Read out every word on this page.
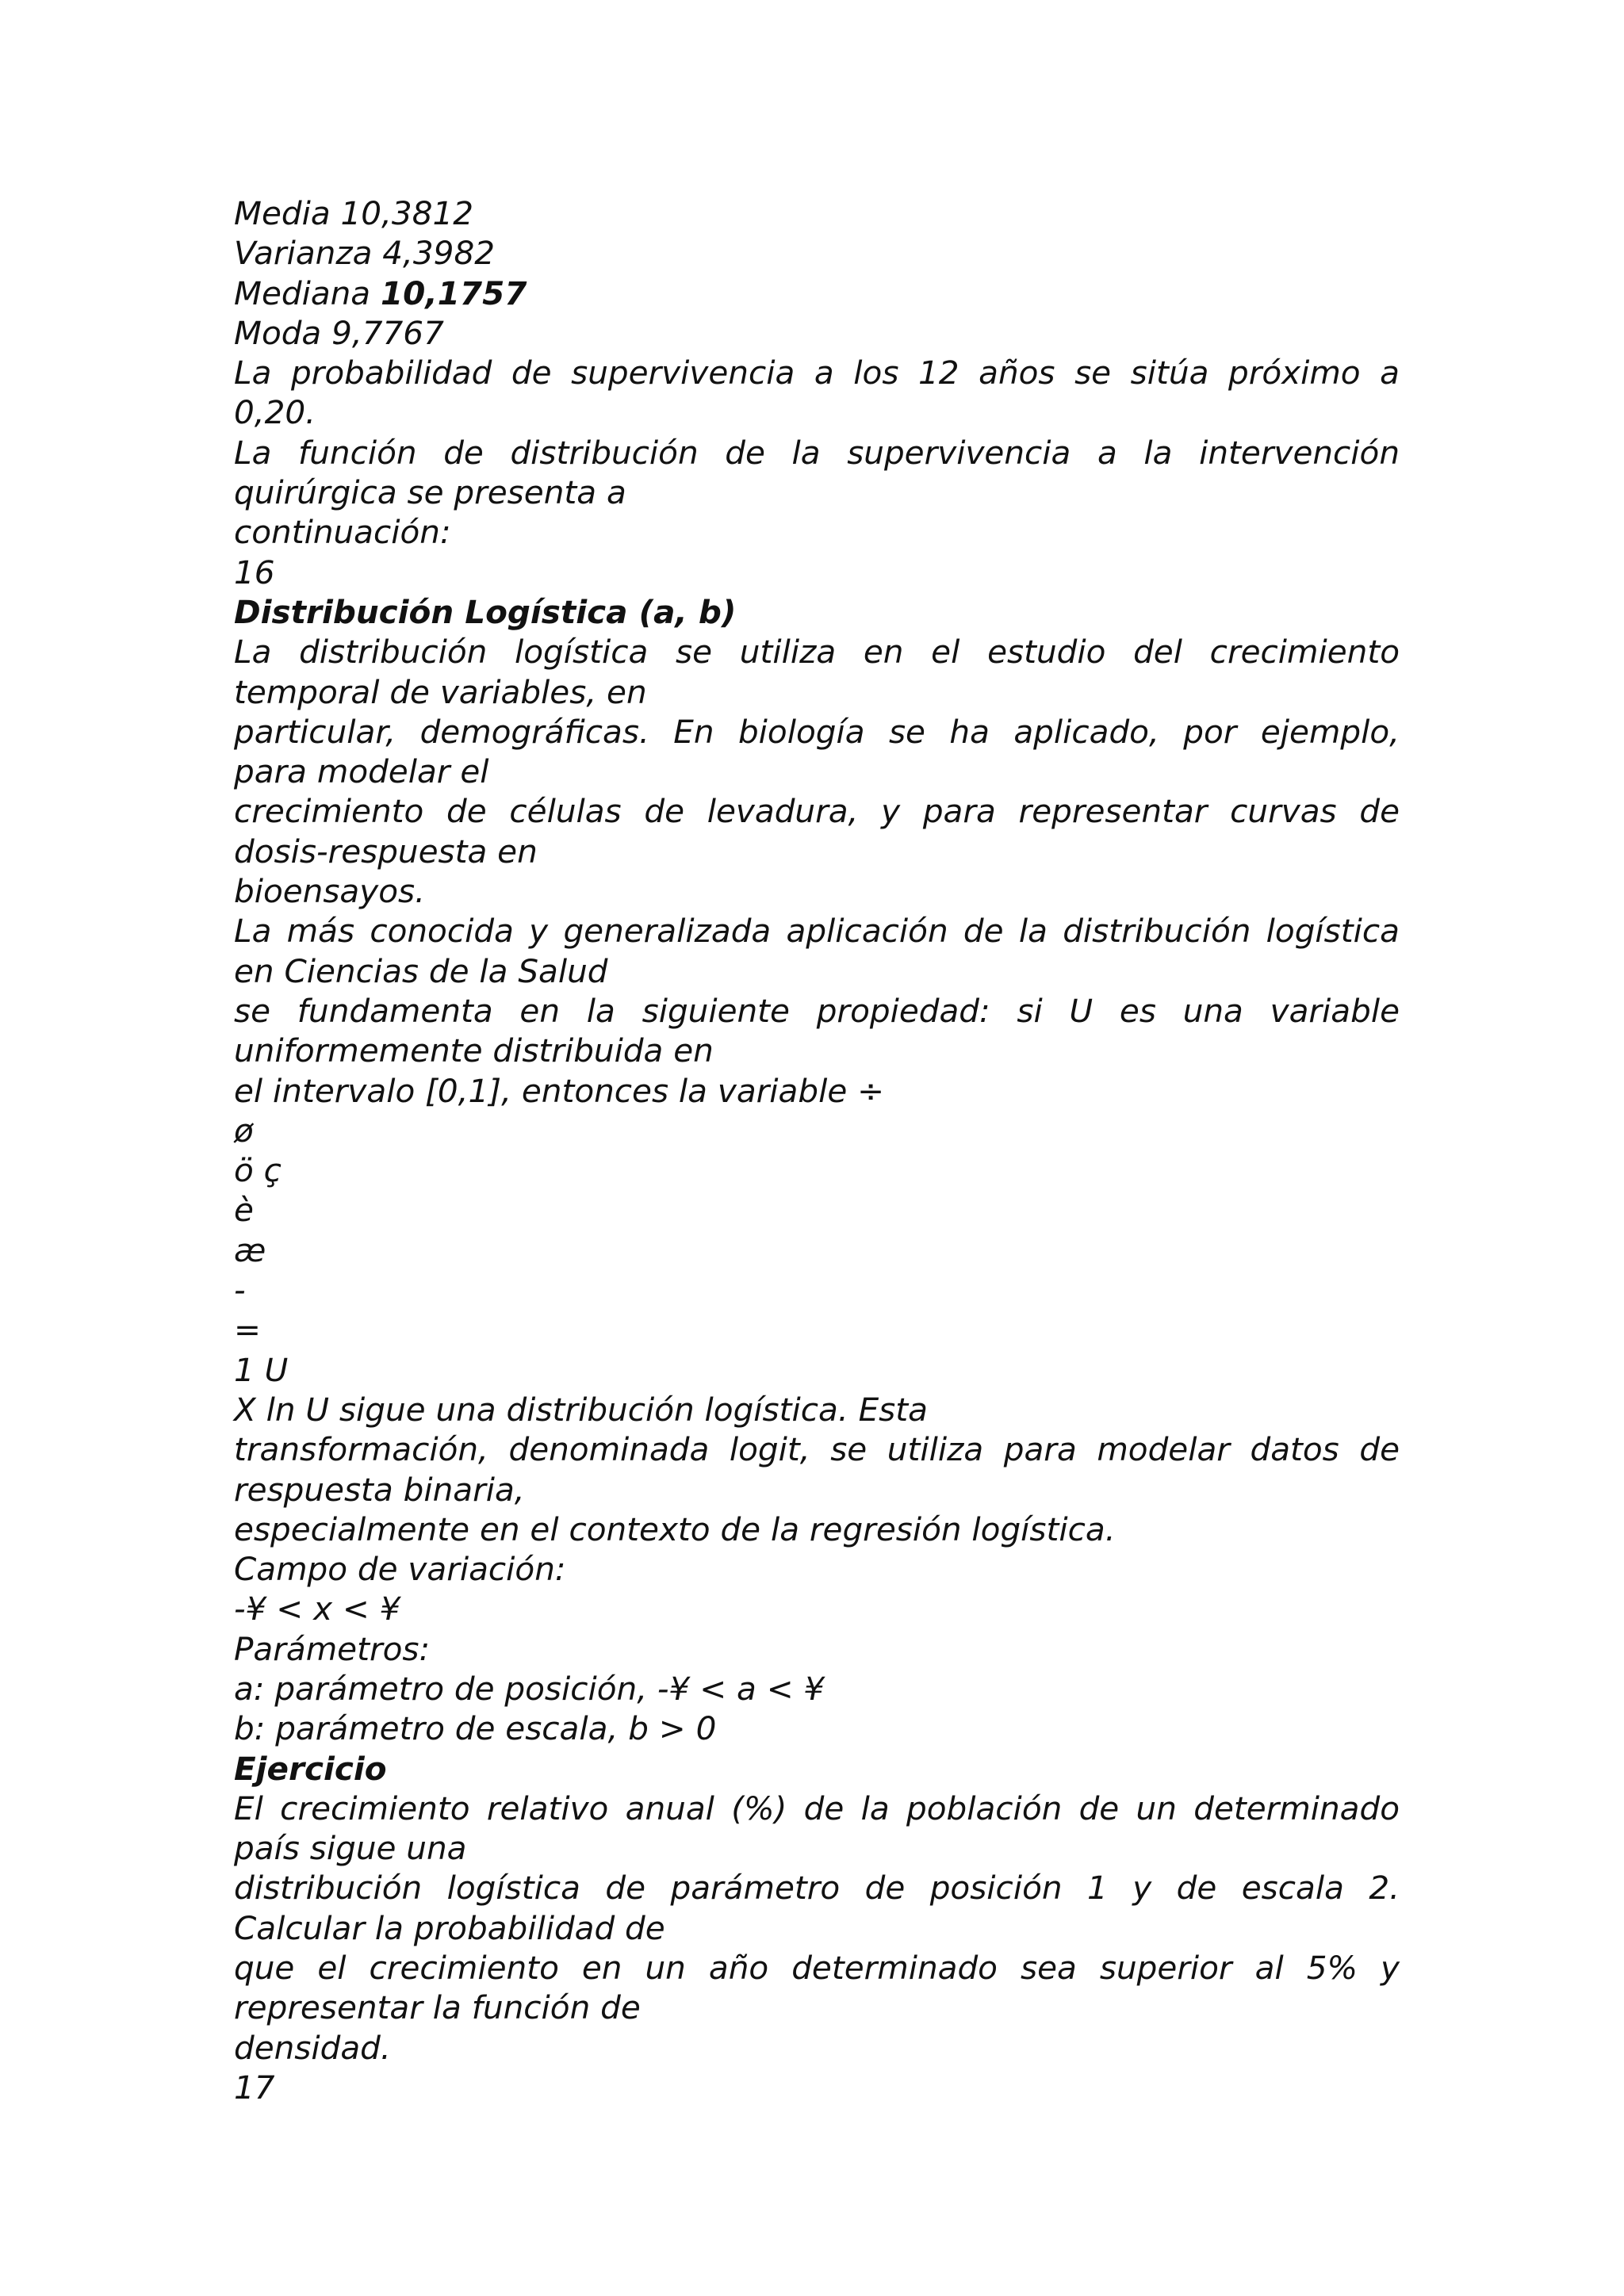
Media 10,3812
Varianza 4,3982
Mediana 10,1757
Moda 9,7767
La probabilidad de supervivencia a los 12 años se sitúa próximo a
0,20.
La función de distribución de la supervivencia a la intervención
quirúrgica se presenta a
continuación:
16
Distribución Logística (a, b)
La distribución logística se utiliza en el estudio del crecimiento
temporal de variables, en
particular, demográficas. En biología se ha aplicado, por ejemplo,
para modelar el
crecimiento de células de levadura, y para representar curvas de
dosis-respuesta en
bioensayos.
La más conocida y generalizada aplicación de la distribución logística
en Ciencias de la Salud
se fundamenta en la siguiente propiedad: si U es una variable
uniformemente distribuida en
el intervalo [0,1], entonces la variable ÷
ø
ö ç
è
æ
-
=
1 U
X ln U sigue una distribución logística. Esta
transformación, denominada logit, se utiliza para modelar datos de
respuesta binaria,
especialmente en el contexto de la regresión logística.
Campo de variación:
-¥ < x < ¥
Parámetros:
a: parámetro de posición, -¥ < a < ¥
b: parámetro de escala, b > 0
Ejercicio
El crecimiento relativo anual (%) de la población de un determinado
país sigue una
distribución logística de parámetro de posición 1 y de escala 2.
Calcular la probabilidad de
que el crecimiento en un año determinado sea superior al 5% y
representar la función de
densidad.
17
